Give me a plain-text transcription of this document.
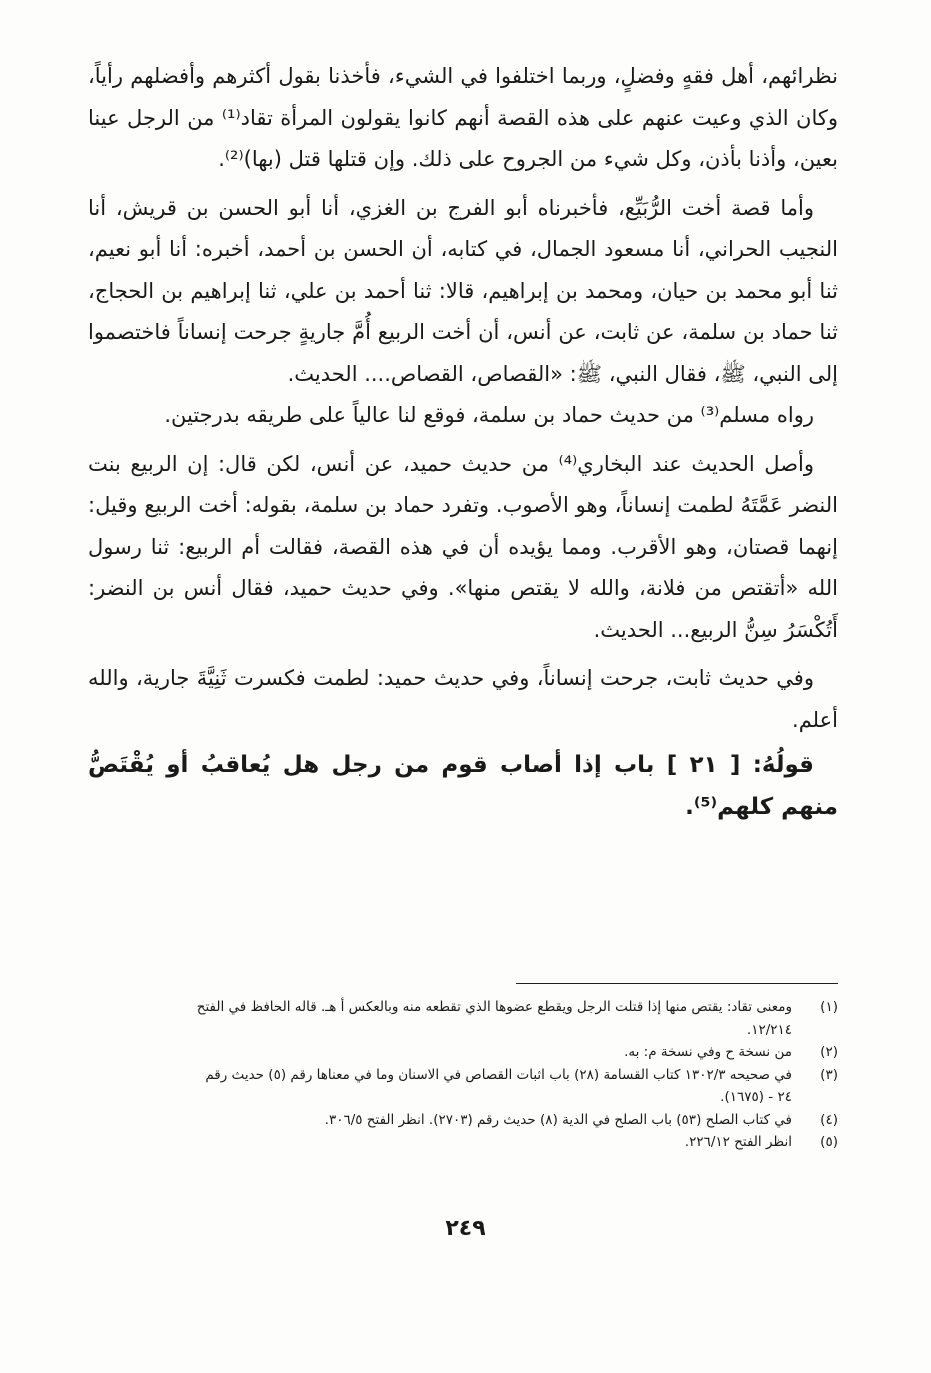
نظرائهم، أهل فقهٍ وفضلٍ، وربما اختلفوا في الشيء، فأخذنا بقول أكثرهم وأفضلهم رأياً، وكان الذي وعيت عنهم على هذه القصة أنهم كانوا يقولون المرأة تقاد⁽¹⁾ من الرجل عينا بعين، وأذنا بأذن، وكل شيء من الجروح على ذلك. وإن قتلها قتل (بها)⁽²⁾.

وأما قصة أخت الرُّبَيِّع، فأخبرناه أبو الفرج بن الغزي، أنا أبو الحسن بن قريش، أنا النجيب الحراني، أنا مسعود الجمال، في كتابه، أن الحسن بن أحمد، أخبره: أنا أبو نعيم، ثنا أبو محمد بن حيان، ومحمد بن إبراهيم، قالا: ثنا أحمد بن علي، ثنا إبراهيم بن الحجاج، ثنا حماد بن سلمة، عن ثابت، عن أنس، أن أخت الربيع أُمَّ جاريةٍ جرحت إنساناً فاختصموا إلى النبي، ﷺ، فقال النبي، ﷺ: «القصاص، القصاص.... الحديث.

رواه مسلم⁽³⁾ من حديث حماد بن سلمة، فوقع لنا عالياً على طريقه بدرجتين.

وأصل الحديث عند البخاري⁽⁴⁾ من حديث حميد، عن أنس، لكن قال: إن الربيع بنت النضر عَمَّتَهُ لطمت إنساناً، وهو الأصوب. وتفرد حماد بن سلمة، بقوله: أخت الربيع وقيل: إنهما قصتان، وهو الأقرب. ومما يؤيده أن في هذه القصة، فقالت أم الربيع: ثنا رسول الله «أتقتص من فلانة، والله لا يقتص منها». وفي حديث حميد، فقال أنس بن النضر: أَتُكْسَرُ سِنُّ الربيع... الحديث.

وفي حديث ثابت، جرحت إنساناً، وفي حديث حميد: لطمت فكسرت ثَنِيَّةَ جارية، والله أعلم.

قولُهُ: [ ٢١ ] باب إذا أصاب قوم من رجل هل يُعاقبُ أو يُقْتَصُّ منهم كلهم⁽⁵⁾.

(١)
ومعنى تقاد: يقتص منها إذا قتلت الرجل ويقطع عضوها الذي تقطعه منه وبالعكس أ هـ. قاله الحافظ في الفتح
١٢/٢١٤.
(٢)
من نسخة ح وفي نسخة م: به.
(٣)
في صحيحه ١٣٠٢/٣ كتاب القسامة (٢٨) باب اثبات القصاص في الاسنان وما في معناها رقم (٥) حديث رقم
٢٤ - (١٦٧٥).
(٤)
في كتاب الصلح (٥٣) باب الصلح في الدية (٨) حديث رقم (٢٧٠٣). انظر الفتح ٣٠٦/٥.
(٥)
انظر الفتح ٢٢٦/١٢.
٢٤٩
